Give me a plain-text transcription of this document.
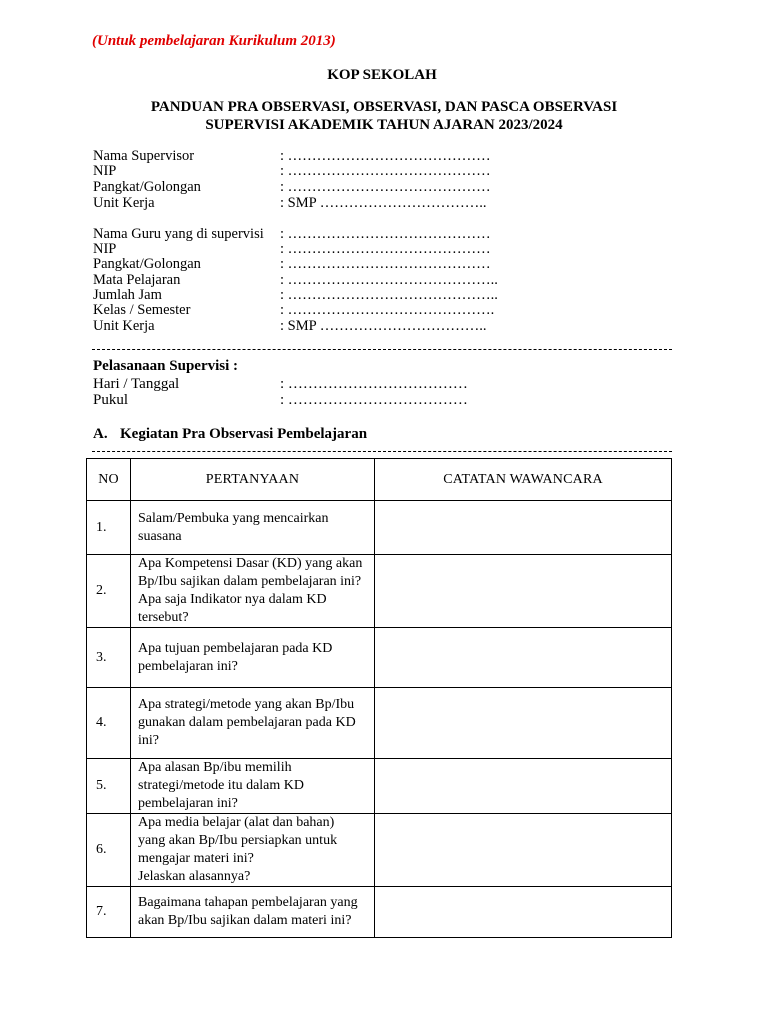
(Untuk pembelajaran Kurikulum 2013)
KOP SEKOLAH
PANDUAN PRA OBSERVASI, OBSERVASI, DAN PASCA OBSERVASI
SUPERVISI AKADEMIK TAHUN AJARAN 2023/2024
Nama Supervisor	: ……………………………………
NIP	: ……………………………………
Pangkat/Golongan	: ……………………………………
Unit Kerja	: SMP ……………………………..
Nama Guru yang di supervisi : ……………………………………
NIP	: ……………………………………
Pangkat/Golongan	: ……………………………………
Mata Pelajaran	: ……………………………………..
Jumlah Jam	: ……………………………………..
Kelas / Semester	: …………………………………….
Unit Kerja	: SMP ……………………………..
Pelasanaan Supervisi :
Hari / Tanggal	: ………………………………
Pukul	: ………………………………
A. Kegiatan Pra Observasi Pembelajaran
NO	PERTANYAAN	CATATAN WAWANCARA
1.	Salam/Pembuka yang mencairkan
suasana	

2.	Apa Kompetensi Dasar (KD) yang akan
Bp/Ibu sajikan dalam pembelajaran ini?
Apa saja Indikator nya dalam KD
tersebut?	

3.	Apa tujuan pembelajaran pada KD
pembelajaran ini?	

4.	Apa strategi/metode yang akan Bp/Ibu
gunakan dalam pembelajaran pada KD
ini?	

5.	Apa alasan Bp/ibu memilih
strategi/metode itu dalam KD
pembelajaran ini?	

6.	Apa media belajar (alat dan bahan)
yang akan Bp/Ibu persiapkan untuk
mengajar materi ini?
Jelaskan alasannya?	

7.	Bagaimana tahapan pembelajaran yang
akan Bp/Ibu sajikan dalam materi ini?	
